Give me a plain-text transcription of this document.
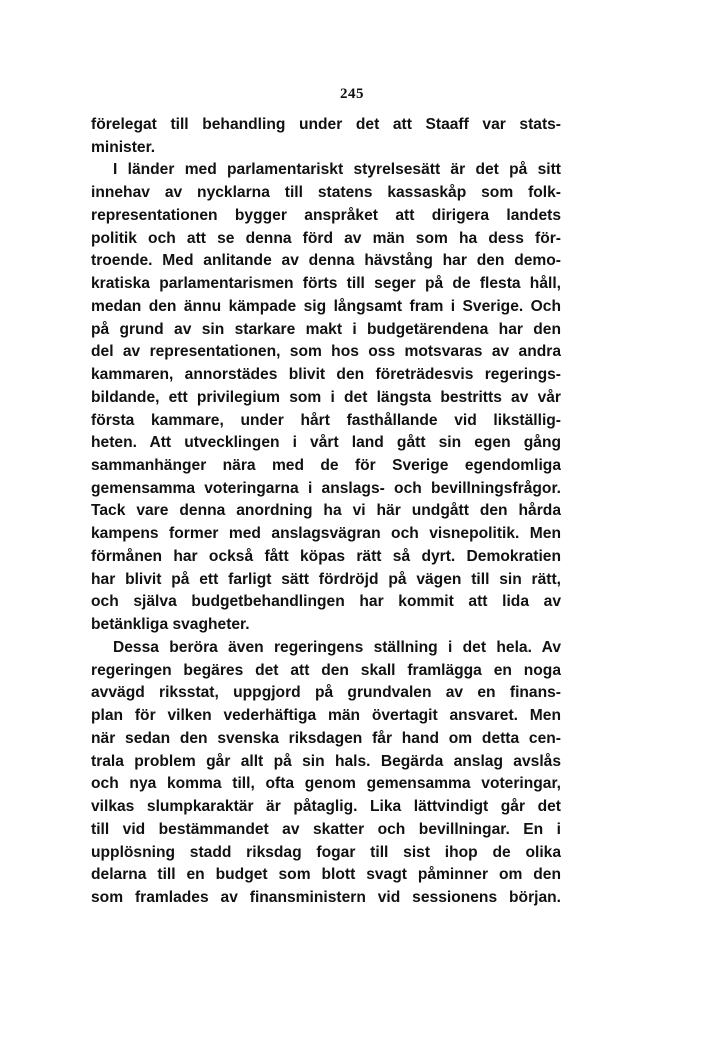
245
förelegat till behandling under det att Staaff var stats-
minister.
I länder med parlamentariskt styrelsesätt är det på sitt
innehav av nycklarna till statens kassaskåp som folk-
representationen bygger anspråket att dirigera landets
politik och att se denna förd av män som ha dess för-
troende. Med anlitande av denna hävstång har den demo-
kratiska parlamentarismen förts till seger på de flesta håll,
medan den ännu kämpade sig långsamt fram i Sverige. Och
på grund av sin starkare makt i budgetärendena har den
del av representationen, som hos oss motsvaras av andra
kammaren, annorstädes blivit den företrädesvis regerings-
bildande, ett privilegium som i det längsta bestritts av vår
första kammare, under hårt fasthållande vid likställig-
heten. Att utvecklingen i vårt land gått sin egen gång
sammanhänger nära med de för Sverige egendomliga
gemensamma voteringarna i anslags- och bevillningsfrågor.
Tack vare denna anordning ha vi här undgått den hårda
kampens former med anslagsvägran och visnepolitik. Men
förmånen har också fått köpas rätt så dyrt. Demokratien
har blivit på ett farligt sätt fördröjd på vägen till sin rätt,
och själva budgetbehandlingen har kommit att lida av
betänkliga svagheter.
Dessa beröra även regeringens ställning i det hela. Av
regeringen begäres det att den skall framlägga en noga
avvägd riksstat, uppgjord på grundvalen av en finans-
plan för vilken vederhäftiga män övertagit ansvaret. Men
när sedan den svenska riksdagen får hand om detta cen-
trala problem går allt på sin hals. Begärda anslag avslås
och nya komma till, ofta genom gemensamma voteringar,
vilkas slumpkaraktär är påtaglig. Lika lättvindigt går det
till vid bestämmandet av skatter och bevillningar. En i
upplösning stadd riksdag fogar till sist ihop de olika
delarna till en budget som blott svagt påminner om den
som framlades av finansministern vid sessionens början.
